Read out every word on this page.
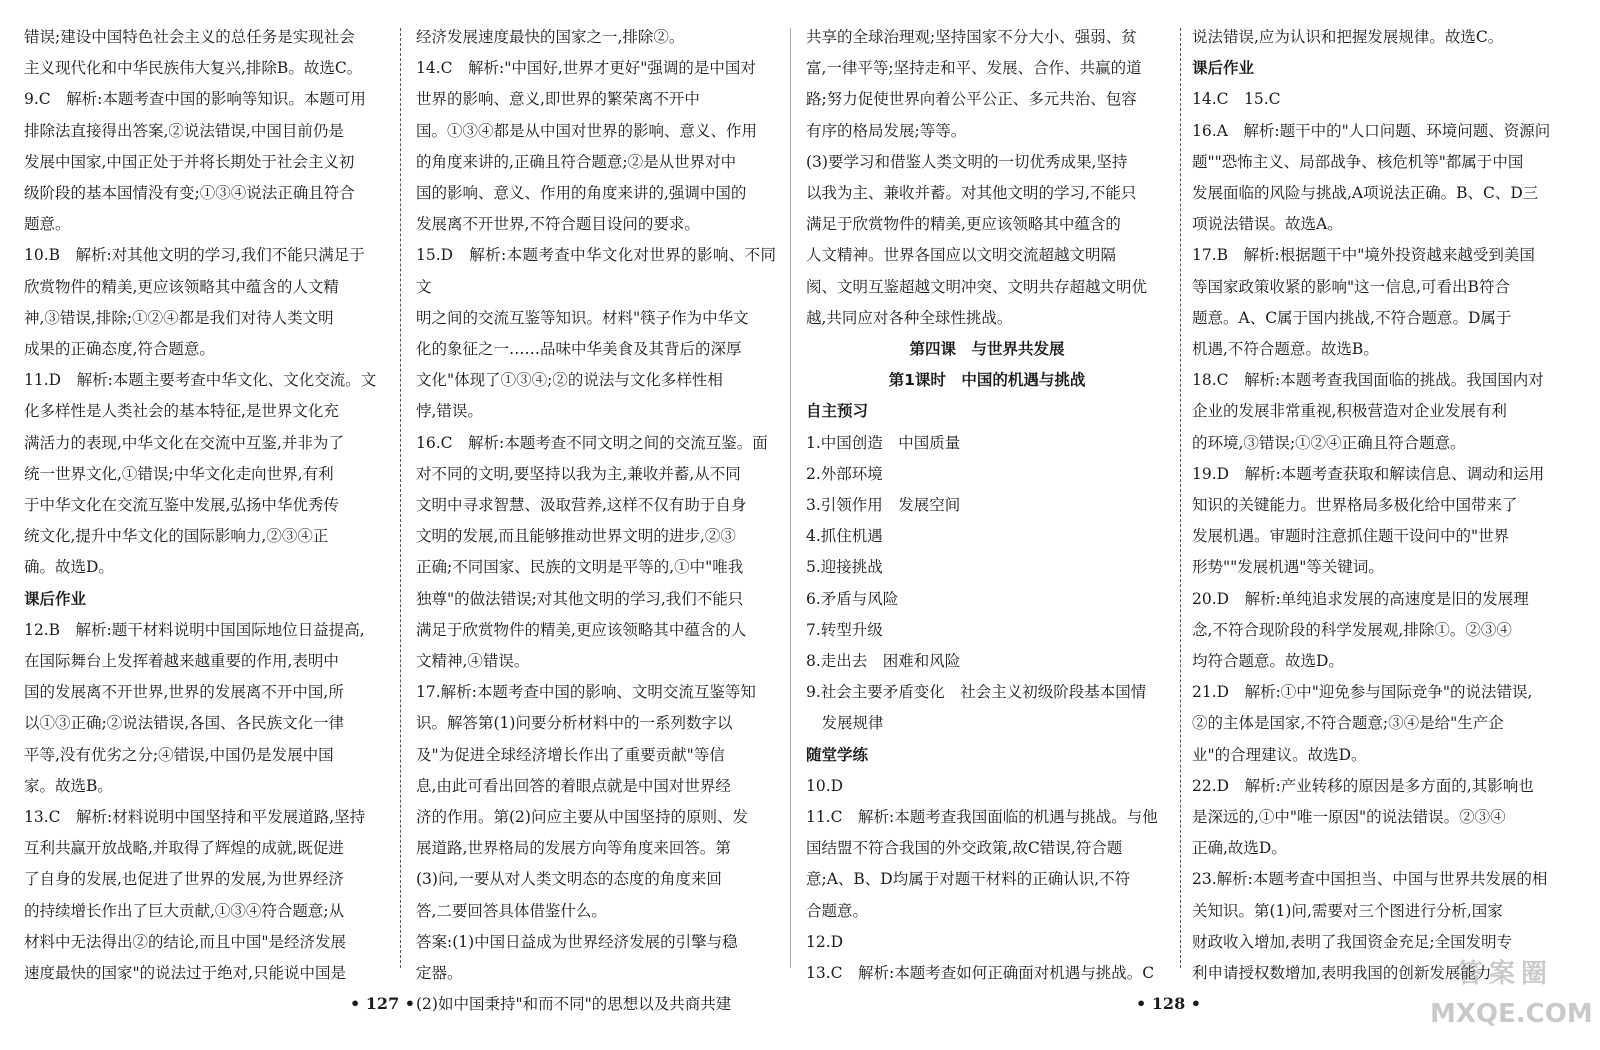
错误;建设中国特色社会主义的总任务是实现社会

主义现代化和中华民族伟大复兴,排除B。故选C。

9.C　解析:本题考查中国的影响等知识。本题可用

排除法直接得出答案,②说法错误,中国目前仍是

发展中国家,中国正处于并将长期处于社会主义初

级阶段的基本国情没有变;①③④说法正确且符合

题意。

10.B　解析:对其他文明的学习,我们不能只满足于

欣赏物件的精美,更应该领略其中蕴含的人文精

神,③错误,排除;①②④都是我们对待人类文明

成果的正确态度,符合题意。

11.D　解析:本题主要考查中华文化、文化交流。文

化多样性是人类社会的基本特征,是世界文化充

满活力的表现,中华文化在交流中互鉴,并非为了

统一世界文化,①错误;中华文化走向世界,有利

于中华文化在交流互鉴中发展,弘扬中华优秀传

统文化,提升中华文化的国际影响力,②③④正

确。故选D。

课后作业

12.B　解析:题干材料说明中国国际地位日益提高,

在国际舞台上发挥着越来越重要的作用,表明中

国的发展离不开世界,世界的发展离不开中国,所

以①③正确;②说法错误,各国、各民族文化一律

平等,没有优劣之分;④错误,中国仍是发展中国

家。故选B。

13.C　解析:材料说明中国坚持和平发展道路,坚持

互利共赢开放战略,并取得了辉煌的成就,既促进

了自身的发展,也促进了世界的发展,为世界经济

的持续增长作出了巨大贡献,①③④符合题意;从

材料中无法得出②的结论,而且中国"是经济发展

速度最快的国家"的说法过于绝对,只能说中国是

经济发展速度最快的国家之一,排除②。

14.C　解析:"中国好,世界才更好"强调的是中国对

世界的影响、意义,即世界的繁荣离不开中

国。①③④都是从中国对世界的影响、意义、作用

的角度来讲的,正确且符合题意;②是从世界对中

国的影响、意义、作用的角度来讲的,强调中国的

发展离不开世界,不符合题目设问的要求。

15.D　解析:本题考查中华文化对世界的影响、不同文

明之间的交流互鉴等知识。材料"筷子作为中华文

化的象征之一……品味中华美食及其背后的深厚

文化"体现了①③④;②的说法与文化多样性相

悖,错误。

16.C　解析:本题考查不同文明之间的交流互鉴。面

对不同的文明,要坚持以我为主,兼收并蓄,从不同

文明中寻求智慧、汲取营养,这样不仅有助于自身

文明的发展,而且能够推动世界文明的进步,②③

正确;不同国家、民族的文明是平等的,①中"唯我

独尊"的做法错误;对其他文明的学习,我们不能只

满足于欣赏物件的精美,更应该领略其中蕴含的人

文精神,④错误。

17.解析:本题考查中国的影响、文明交流互鉴等知

识。解答第(1)问要分析材料中的一系列数字以

及"为促进全球经济增长作出了重要贡献"等信

息,由此可看出回答的着眼点就是中国对世界经

济的作用。第(2)问应主要从中国坚持的原则、发

展道路,世界格局的发展方向等角度来回答。第

(3)问,一要从对人类文明态的态度的角度来回

答,二要回答具体借鉴什么。

答案:(1)中国日益成为世界经济发展的引擎与稳

定器。

(2)如中国秉持"和而不同"的思想以及共商共建

共享的全球治理观;坚持国家不分大小、强弱、贫

富,一律平等;坚持走和平、发展、合作、共赢的道

路;努力促使世界向着公平公正、多元共治、包容

有序的格局发展;等等。

(3)要学习和借鉴人类文明的一切优秀成果,坚持

以我为主、兼收并蓄。对其他文明的学习,不能只

满足于欣赏物件的精美,更应该领略其中蕴含的

人文精神。世界各国应以文明交流超越文明隔

阂、文明互鉴超越文明冲突、文明共存超越文明优

越,共同应对各种全球性挑战。

第四课　与世界共发展

第1课时　中国的机遇与挑战

自主预习

1.中国创造　中国质量

2.外部环境

3.引领作用　发展空间

4.抓住机遇

5.迎接挑战

6.矛盾与风险

7.转型升级

8.走出去　困难和风险

9.社会主要矛盾变化　社会主义初级阶段基本国情

　发展规律

随堂学练

10.D

11.C　解析:本题考查我国面临的机遇与挑战。与他

国结盟不符合我国的外交政策,故C错误,符合题

意;A、B、D均属于对题干材料的正确认识,不符

合题意。

12.D

13.C　解析:本题考查如何正确面对机遇与挑战。C

说法错误,应为认识和把握发展规律。故选C。

课后作业

14.C　15.C

16.A　解析:题干中的"人口问题、环境问题、资源问

题""恐怖主义、局部战争、核危机等"都属于中国

发展面临的风险与挑战,A项说法正确。B、C、D三

项说法错误。故选A。

17.B　解析:根据题干中"境外投资越来越受到美国

等国家政策收紧的影响"这一信息,可看出B符合

题意。A、C属于国内挑战,不符合题意。D属于

机遇,不符合题意。故选B。

18.C　解析:本题考查我国面临的挑战。我国国内对

企业的发展非常重视,积极营造对企业发展有利

的环境,③错误;①②④正确且符合题意。

19.D　解析:本题考查获取和解读信息、调动和运用

知识的关键能力。世界格局多极化给中国带来了

发展机遇。审题时注意抓住题干设问中的"世界

形势""发展机遇"等关键词。

20.D　解析:单纯追求发展的高速度是旧的发展理

念,不符合现阶段的科学发展观,排除①。②③④

均符合题意。故选D。

21.D　解析:①中"迎免参与国际竞争"的说法错误,

②的主体是国家,不符合题意;③④是给"生产企

业"的合理建议。故选D。

22.D　解析:产业转移的原因是多方面的,其影响也

是深远的,①中"唯一原因"的说法错误。②③④

正确,故选D。

23.解析:本题考查中国担当、中国与世界共发展的相

关知识。第(1)问,需要对三个图进行分析,国家

财政收入增加,表明了我国资金充足;全国发明专

利申请授权数增加,表明我国的创新发展能力

• 127 •	• 128 •
答案圈
MXQE.COM
